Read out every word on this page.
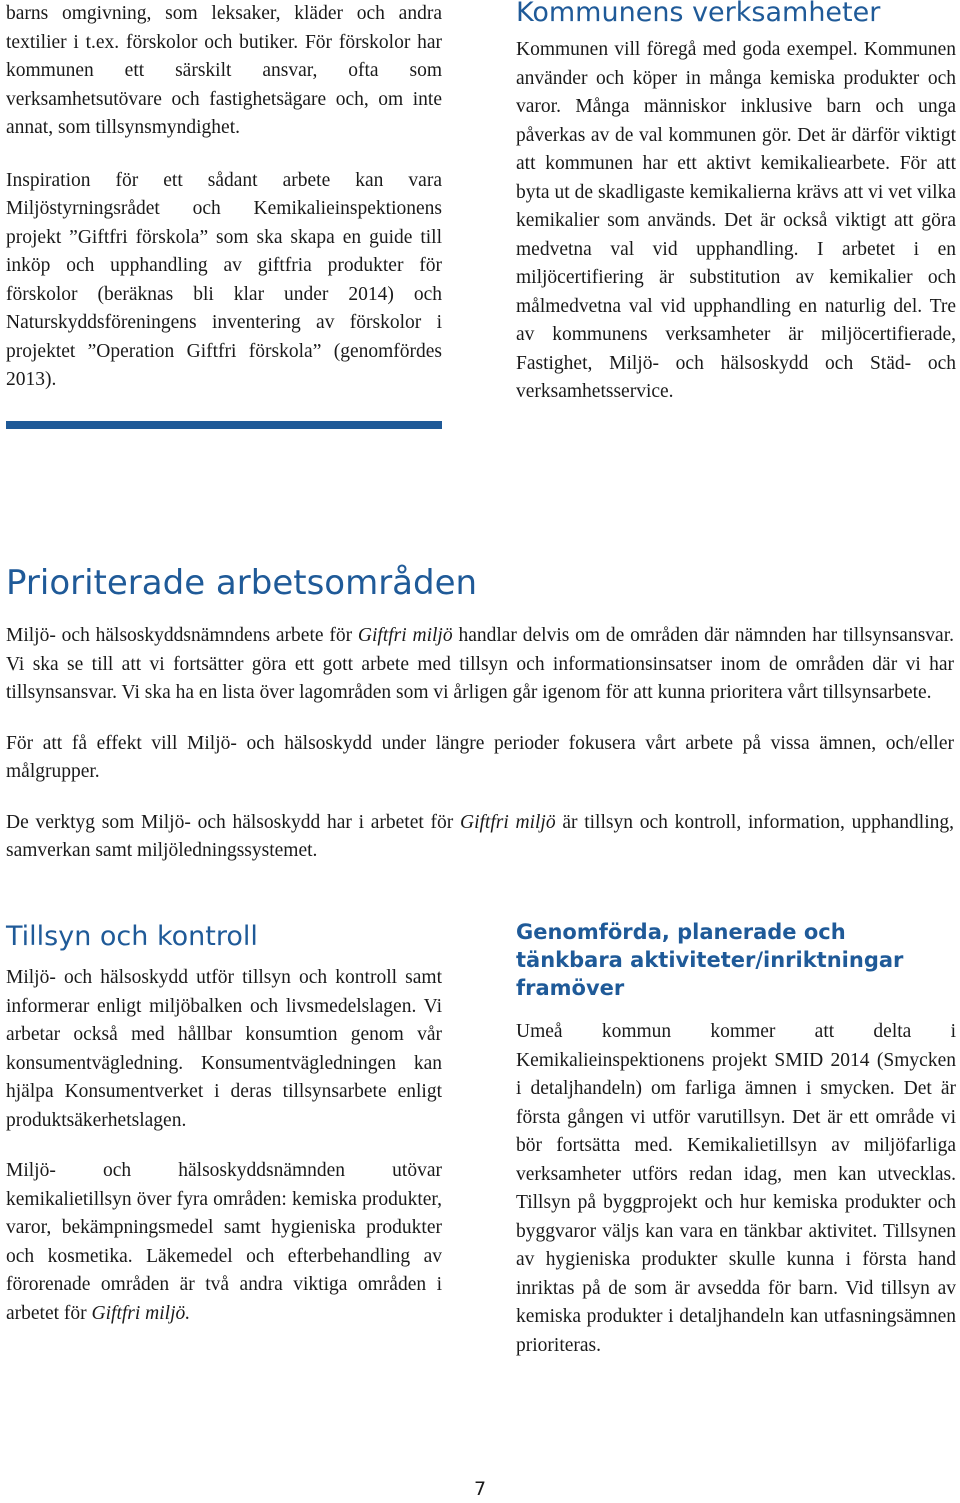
barns omgivning, som leksaker, kläder och andra textilier i t.ex. förskolor och butiker. För förskolor har kommunen ett särskilt ansvar, ofta som verksamhetsutövare och fastighetsägare och, om inte annat, som tillsynsmyndighet.

Inspiration för ett sådant arbete kan vara Miljöstyrningsrådet och Kemikalieinspektionens projekt ”Giftfri förskola” som ska skapa en guide till inköp och upphandling av giftfria produkter för förskolor (beräknas bli klar under 2014) och Naturskyddsföreningens inventering av förskolor i projektet ”Operation Giftfri förskola” (genomfördes 2013).

Kommunens verksamheter

Kommunen vill föregå med goda exempel. Kommunen använder och köper in många kemiska produkter och varor. Många människor inklusive barn och unga påverkas av de val kommunen gör. Det är därför viktigt att kommunen har ett aktivt kemikaliearbete. För att byta ut de skadligaste kemikalierna krävs att vi vet vilka kemikalier som används. Det är också viktigt att göra medvetna val vid upphandling. I arbetet i en miljöcertifiering är substitution av kemikalier och målmedvetna val vid upphandling en naturlig del. Tre av kommunens verksamheter är miljöcertifierade, Fastighet, Miljö- och hälsoskydd och Städ- och verksamhetsservice.

Prioriterade arbetsområden

Miljö- och hälsoskyddsnämndens arbete för Giftfri miljö handlar delvis om de områden där nämnden har tillsynsansvar. Vi ska se till att vi fortsätter göra ett gott arbete med tillsyn och informationsinsatser inom de områden där vi har tillsynsansvar. Vi ska ha en lista över lagområden som vi årligen går igenom för att kunna prioritera vårt tillsynsarbete.

För att få effekt vill Miljö- och hälsoskydd under längre perioder fokusera vårt arbete på vissa ämnen, och/eller målgrupper.

De verktyg som Miljö- och hälsoskydd har i arbetet för Giftfri miljö är tillsyn och kontroll, information, upphandling, samverkan samt miljöledningssystemet.

Tillsyn och kontroll

Miljö- och hälsoskydd utför tillsyn och kontroll samt informerar enligt miljöbalken och livsmedelslagen. Vi arbetar också med hållbar konsumtion genom vår konsumentvägledning. Konsumentvägledningen kan hjälpa Konsumentverket i deras tillsynsarbete enligt produktsäkerhetslagen.

Miljö- och hälsoskyddsnämnden utövar kemikalietillsyn över fyra områden: kemiska produkter, varor, bekämpningsmedel samt hygieniska produkter och kosmetika. Läkemedel och efterbehandling av förorenade områden är två andra viktiga områden i arbetet för Giftfri miljö.

Genomförda, planerade och tänkbara aktiviteter/inriktningar framöver

Umeå kommun kommer att delta i Kemikalieinspektionens projekt SMID 2014 (Smycken i detaljhandeln) om farliga ämnen i smycken. Det är första gången vi utför varutillsyn. Det är ett område vi bör fortsätta med. Kemikalietillsyn av miljöfarliga verksamheter utförs redan idag, men kan utvecklas. Tillsyn på byggprojekt och hur kemiska produkter och byggvaror väljs kan vara en tänkbar aktivitet. Tillsynen av hygieniska produkter skulle kunna i första hand inriktas på de som är avsedda för barn. Vid tillsyn av kemiska produkter i detaljhandeln kan utfasningsämnen prioriteras.

7
